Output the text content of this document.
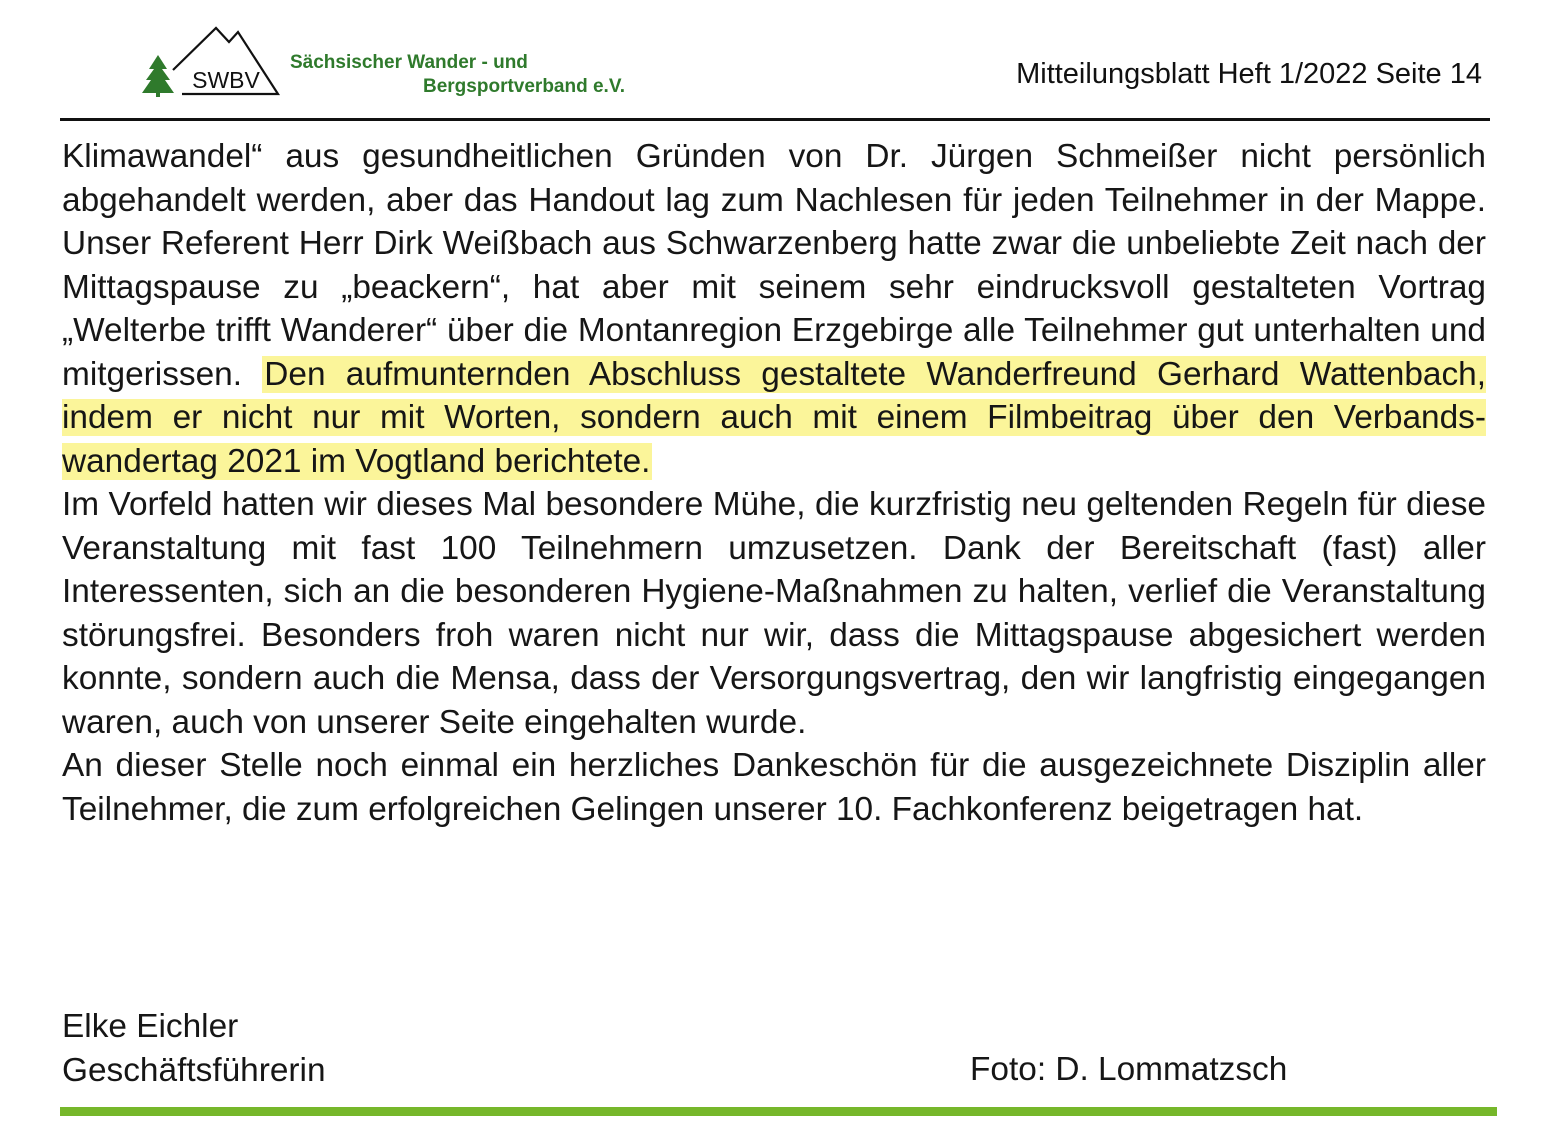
SWBV
Sächsischer Wander - und
Bergsportverband e.V.	Mitteilungsblatt Heft 1/2022 Seite 14

Klimawandel“ aus gesundheitlichen Gründen von Dr. Jürgen Schmeißer nicht persönlich abgehandelt werden, aber das Handout lag zum Nachlesen für jeden Teilnehmer in der Mappe. Unser Referent Herr Dirk Weißbach aus Schwarzenberg hatte zwar die unbeliebte Zeit nach der Mittagspause zu „beackern“, hat aber mit seinem sehr eindrucksvoll gestalteten Vortrag „Welterbe trifft Wanderer“ über die Montanregion Erzgebirge alle Teilnehmer gut unterhalten und mitgerissen. Den aufmunternden Abschluss gestaltete Wanderfreund Gerhard Wattenbach, indem er nicht nur mit Worten, sondern auch mit einem Filmbeitrag über den Verbandswandertag 2021 im Vogtland berichtete.

Im Vorfeld hatten wir dieses Mal besondere Mühe, die kurzfristig neu geltenden Regeln für diese Veranstaltung mit fast 100 Teilnehmern umzusetzen. Dank der Bereitschaft (fast) aller Interessenten, sich an die besonderen Hygiene-Maßnahmen zu halten, verlief die Veranstaltung störungsfrei. Besonders froh waren nicht nur wir, dass die Mittagspause abgesichert werden konnte, sondern auch die Mensa, dass der Versorgungsvertrag, den wir langfristig eingegangen waren, auch von unserer Seite eingehalten wurde.

An dieser Stelle noch einmal ein herzliches Dankeschön für die ausgezeichnete Disziplin aller Teilnehmer, die zum erfolgreichen Gelingen unserer 10. Fachkonferenz beigetragen hat.

Elke Eichler
Geschäftsführerin	Foto: D. Lommatzsch
